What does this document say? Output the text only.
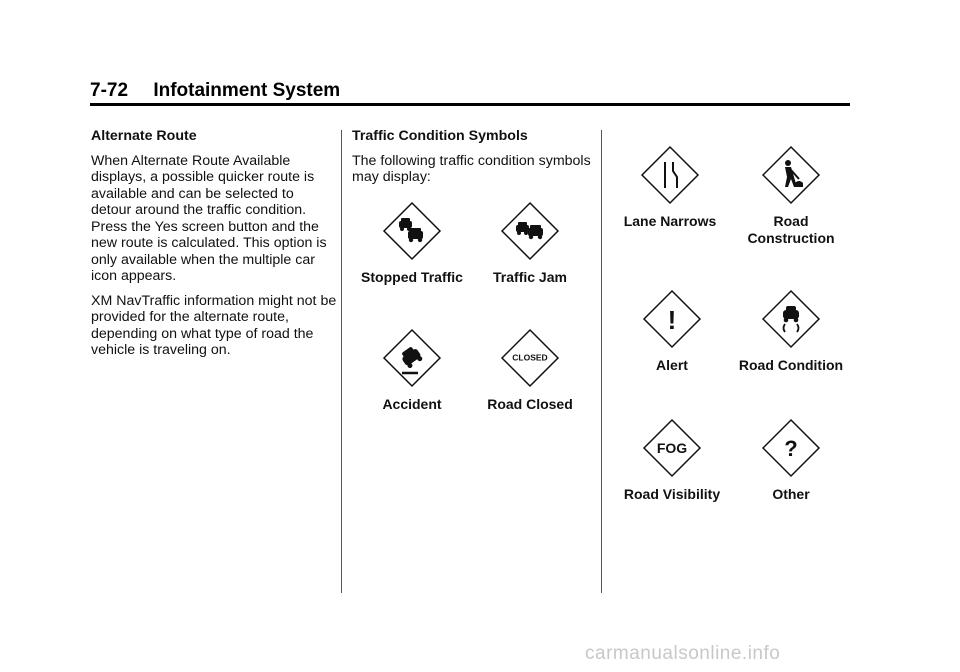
7-72 Infotainment System
Alternate Route
When Alternate Route Available displays, a possible quicker route is available and can be selected to detour around the traffic condition. Press the Yes screen button and the new route is calculated. This option is only available when the multiple car icon appears.
XM NavTraffic information might not be provided for the alternate route, depending on what type of road the vehicle is traveling on.
Traffic Condition Symbols
The following traffic condition symbols may display:
Stopped Traffic	Traffic Jam
Accident
CLOSED
Road Closed
Lane Narrows	Road Construction
!
Alert	Road Condition
FOG
Road Visibility
?
Other
carmanualsonline.info
